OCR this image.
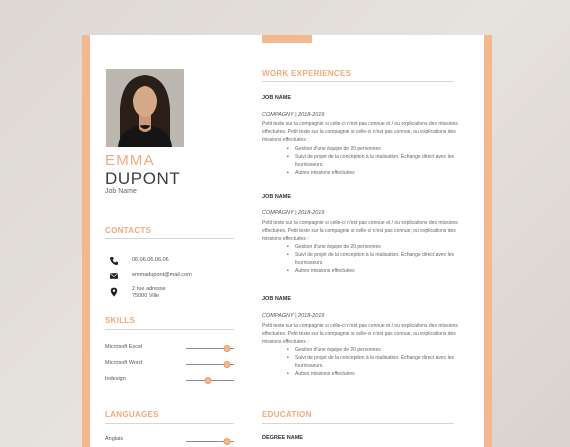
EMMA
DUPONT
Job Name
CONTACTS
06.06.06.06.06
emmadupont@mail.com
2 rue adresse
75000 Ville
SKILLS
Microsoft Excel
Microsoft Word
Indesign
LANGUAGES
Anglais
WORK EXPERIENCES
JOB NAME
COMPAGNY | 2018-2019
Petit texte sur la compagnie si celle-ci n'est pas connue et / ou explications des missions effectuées. Petit texte sur la compagnie si celle-ci n'est pas connue, ou explications des missions effectuées :
• Gestion d'une équipe de 20 personnes
• Suivi de projet de la conception à la réalisation. Échange direct avec les fournisseurs.
• Autres missions effectuées
JOB NAME
COMPAGNY | 2018-2019
Petit texte sur la compagnie si celle-ci n'est pas connue et / ou explications des missions effectuées. Petit texte sur la compagnie si celle-ci n'est pas connue, ou explications des missions effectuées :
• Gestion d'une équipe de 20 personnes
• Suivi de projet de la conception à la réalisation. Échange direct avec les fournisseurs.
• Autres missions effectuées
JOB NAME
COMPAGNY | 2018-2019
Petit texte sur la compagnie si celle-ci n'est pas connue et / ou explications des missions effectuées. Petit texte sur la compagnie si celle-ci n'est pas connue, ou explications des missions effectuées :
• Gestion d'une équipe de 20 personnes
• Suivi de projet de la conception à la réalisation. Échange direct avec les fournisseurs.
• Autres missions effectuées
EDUCATION
DEGREE NAME
